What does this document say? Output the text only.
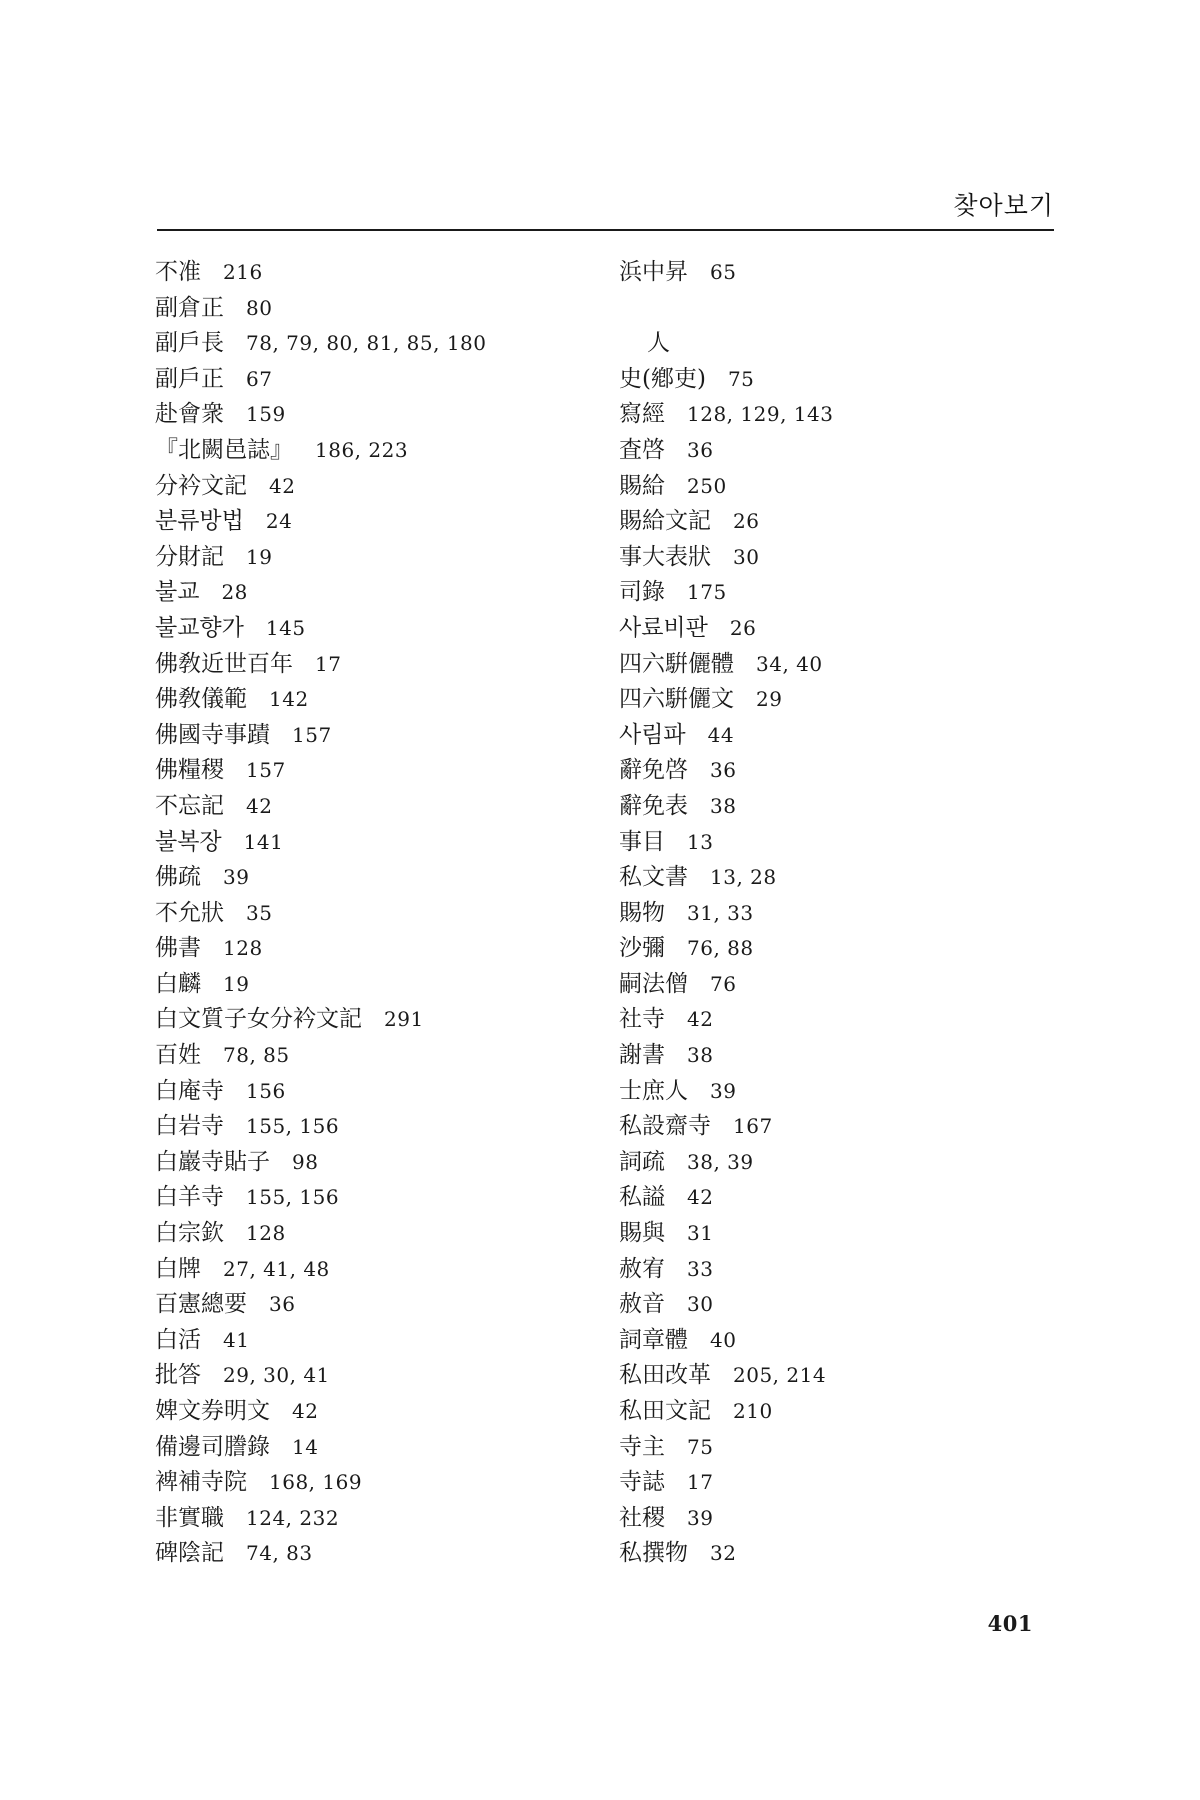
찾아보기
不准 216
副倉正 80
副戶長 78, 79, 80, 81, 85, 180
副戶正 67
赴會衆 159
『北闕邑誌』 186, 223
分衿文記 42
분류방법 24
分財記 19
불교 28
불교향가 145
佛敎近世百年 17
佛敎儀範 142
佛國寺事蹟 157
佛糧稷 157
不忘記 42
불복장 141
佛疏 39
不允狀 35
佛書 128
白麟 19
白文質子女分衿文記 291
百姓 78, 85
白庵寺 156
白岩寺 155, 156
白巖寺貼子 98
白羊寺 155, 156
白宗欽 128
白牌 27, 41, 48
百憲總要 36
白活 41
批答 29, 30, 41
婢文券明文 42
備邊司謄錄 14
裨補寺院 168, 169
非實職 124, 232
碑陰記 74, 83
浜中昇 65
人
史(鄕吏) 75
寫經 128, 129, 143
査啓 36
賜給 250
賜給文記 26
事大表狀 30
司錄 175
사료비판 26
四六騈儷體 34, 40
四六騈儷文 29
사림파 44
辭免啓 36
辭免表 38
事目 13
私文書 13, 28
賜物 31, 33
沙彌 76, 88
嗣法僧 76
社寺 42
謝書 38
士庶人 39
私設齋寺 167
詞疏 38, 39
私謚 42
賜與 31
赦宥 33
赦音 30
詞章體 40
私田改革 205, 214
私田文記 210
寺主 75
寺誌 17
社稷 39
私撰物 32
401
